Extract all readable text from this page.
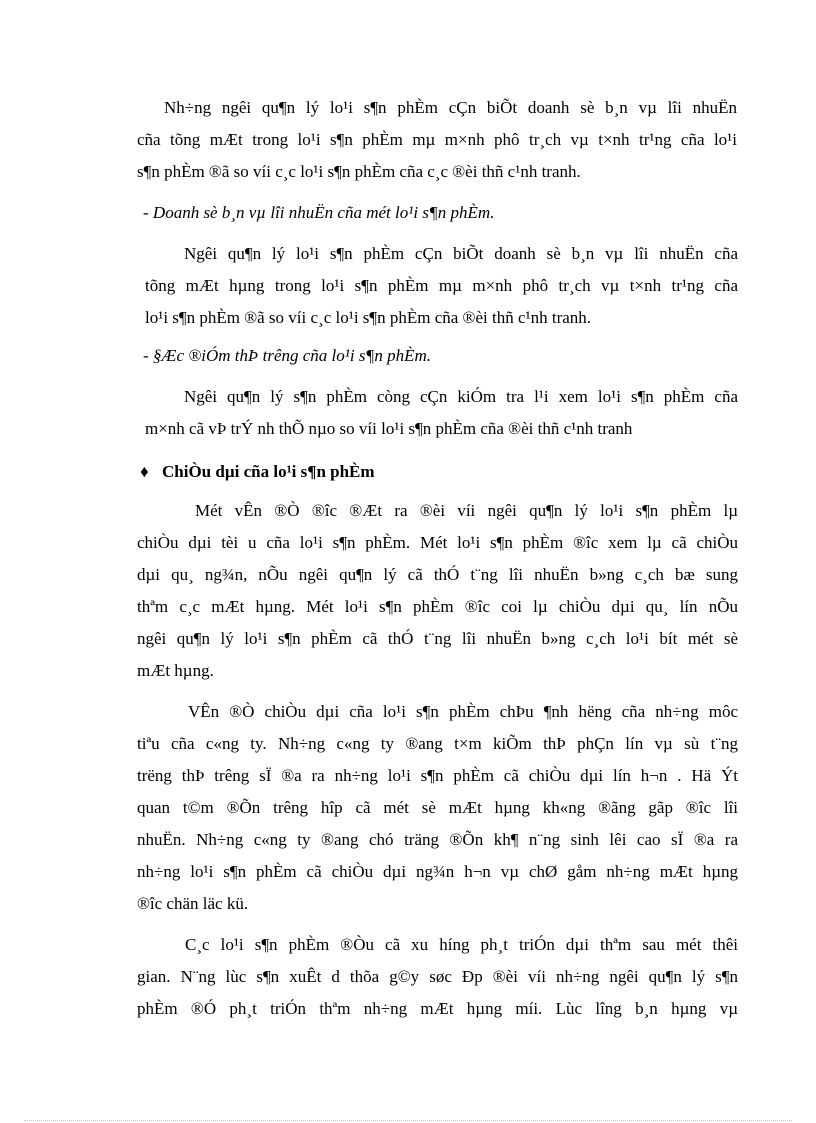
Nh÷ng ngêi qu¶n lý lo¹i s¶n phÈm cÇn biÕt doanh sè b¸n vµ lîi nhuËn
cña tõng mÆt trong lo¹i s¶n phÈm mµ m×nh phô tr¸ch vµ t×nh tr¹ng cña lo¹i
s¶n phÈm ®ã so víi c¸c lo¹i s¶n phÈm cña c¸c ®èi thñ c¹nh tranh.
- Doanh sè b¸n vµ lîi nhuËn cña mét lo¹i s¶n phÈm.
Ngêi qu¶n lý lo¹i s¶n phÈm cÇn biÕt doanh sè b¸n vµ lîi nhuËn cña
tõng mÆt hµng trong lo¹i s¶n phÈm mµ m×nh phô tr¸ch vµ t×nh tr¹ng cña
lo¹i s¶n phÈm ®ã so víi c¸c lo¹i s¶n phÈm cña ®èi thñ c¹nh tranh.
- §Æc ®iÓm thÞ trêng cña lo¹i s¶n phÈm.
Ngêi qu¶n lý s¶n phÈm còng cÇn kiÓm tra l¹i xem lo¹i s¶n phÈm cña
m×nh cã vÞ trÝ nh thÕ nµo so víi lo¹i s¶n phÈm cña ®èi thñ c¹nh tranh
♦ ChiÒu dµi cña lo¹i s¶n phÈm
Mét vÊn ®Ò ®îc ®Æt ra ®èi víi ngêi qu¶n lý lo¹i s¶n phÈm lµ
chiÒu dµi tèi u cña lo¹i s¶n phÈm. Mét lo¹i s¶n phÈm ®îc xem lµ cã chiÒu
dµi qu¸ ng¾n, nÕu ngêi qu¶n lý cã thÓ t¨ng lîi nhuËn b»ng c¸ch bæ sung
thªm c¸c mÆt hµng. Mét lo¹i s¶n phÈm ®îc coi lµ chiÒu dµi qu¸ lín nÕu
ngêi qu¶n lý lo¹i s¶n phÈm cã thÓ t¨ng lîi nhuËn b»ng c¸ch lo¹i bít mét sè
mÆt hµng.
VÊn ®Ò chiÒu dµi cña lo¹i s¶n phÈm chÞu ¶nh hëng cña nh÷ng môc
tiªu cña c«ng ty. Nh÷ng c«ng ty ®ang t×m kiÕm thÞ phÇn lín vµ sù t¨ng
trëng thÞ trêng sÏ ®a ra nh÷ng lo¹i s¶n phÈm cã chiÒu dµi lín h¬n . Hä Ýt
quan t©m ®Õn trêng hîp cã mét sè mÆt hµng kh«ng ®ãng gãp ®îc lîi
nhuËn. Nh÷ng c«ng ty ®ang chó träng ®Õn kh¶ n¨ng sinh lêi cao sÏ ®a ra
nh÷ng lo¹i s¶n phÈm cã chiÒu dµi ng¾n h¬n vµ chØ gåm nh÷ng mÆt hµng
®îc chän läc kü.
C¸c lo¹i s¶n phÈm ®Òu cã xu híng ph¸t triÓn dµi thªm sau mét thêi
gian. N¨ng lùc s¶n xuÊt d thõa g©y søc Ðp ®èi víi nh÷ng ngêi qu¶n lý s¶n
phÈm ®Ó ph¸t triÓn thªm nh÷ng mÆt hµng míi. Lùc lîng b¸n hµng vµ
